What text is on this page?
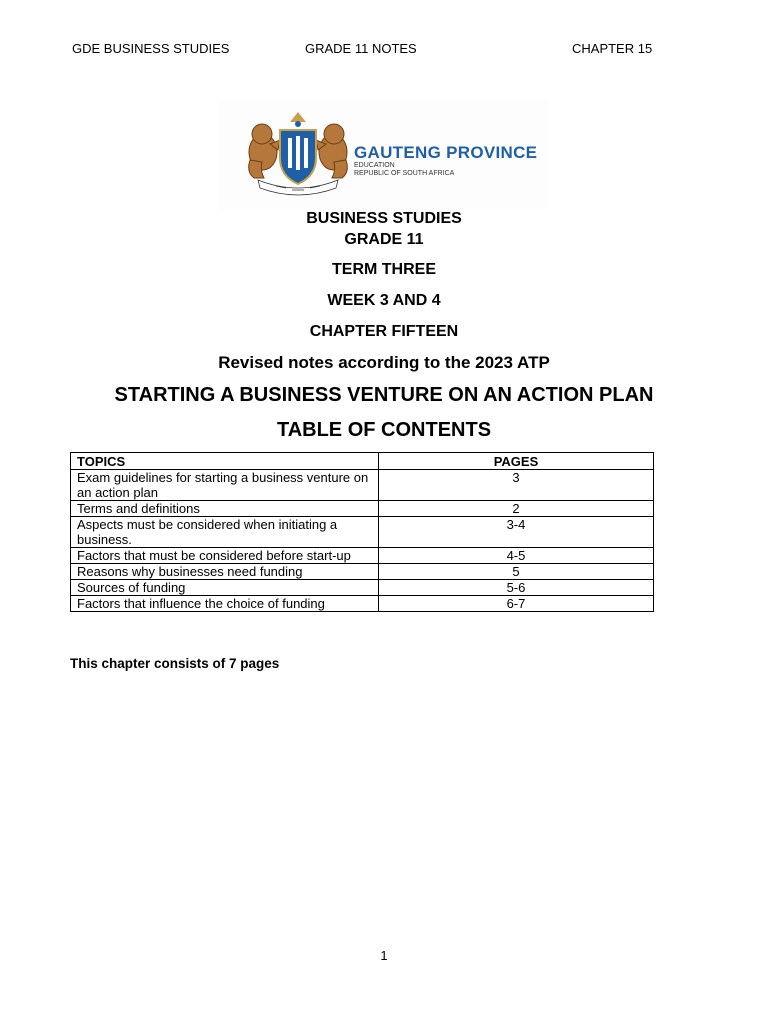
GDE BUSINESS STUDIES	GRADE 11 NOTES	CHAPTER 15
GAUTENG PROVINCE
EDUCATION
REPUBLIC OF SOUTH AFRICA
BUSINESS STUDIES
GRADE 11
TERM THREE
WEEK 3 AND 4
CHAPTER FIFTEEN
Revised notes according to the 2023 ATP
STARTING A BUSINESS VENTURE ON AN ACTION PLAN
TABLE OF CONTENTS
TOPICS	PAGES
Exam guidelines for starting a business venture on an action plan	3
Terms and definitions	2
Aspects must be considered when initiating a business.	3-4
Factors that must be considered before start-up	4-5
Reasons why businesses need funding	5
Sources of funding	5-6
Factors that influence the choice of funding	6-7
This chapter consists of 7 pages
1
